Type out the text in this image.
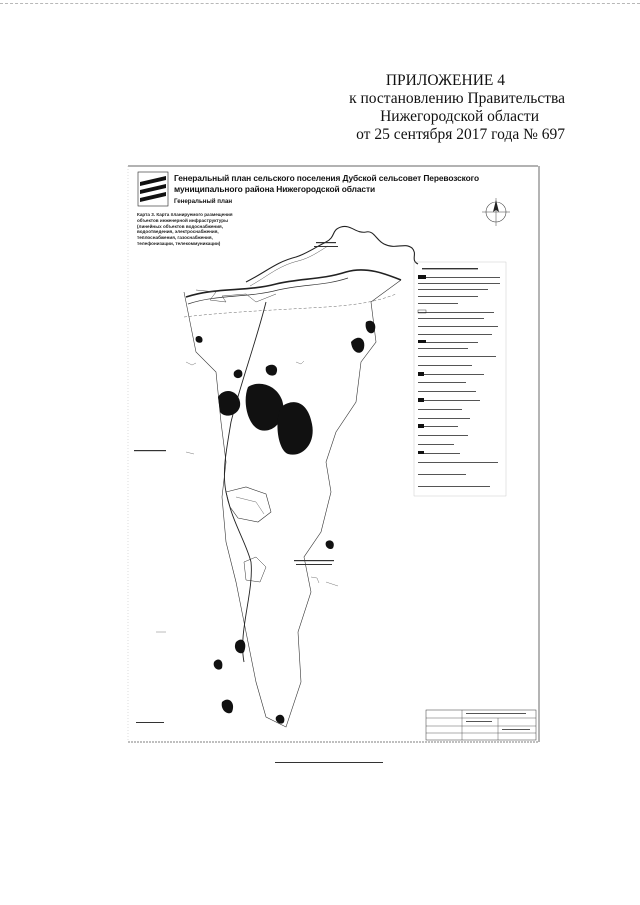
ПРИЛОЖЕНИЕ 4
к постановлению Правительства
Нижегородской области
от 25 сентября 2017 года № 697
Генеральный план сельского поселения Дубской сельсовет Перевозского муниципального района Нижегородской области
Генеральный план
Карта 3. Карта планируемого размещения объектов инженерной инфраструктуры (линейных объектов водоснабжения, водоотведения, электроснабжения, теплоснабжения, газоснабжения, телефонизации, телекоммуникации)
